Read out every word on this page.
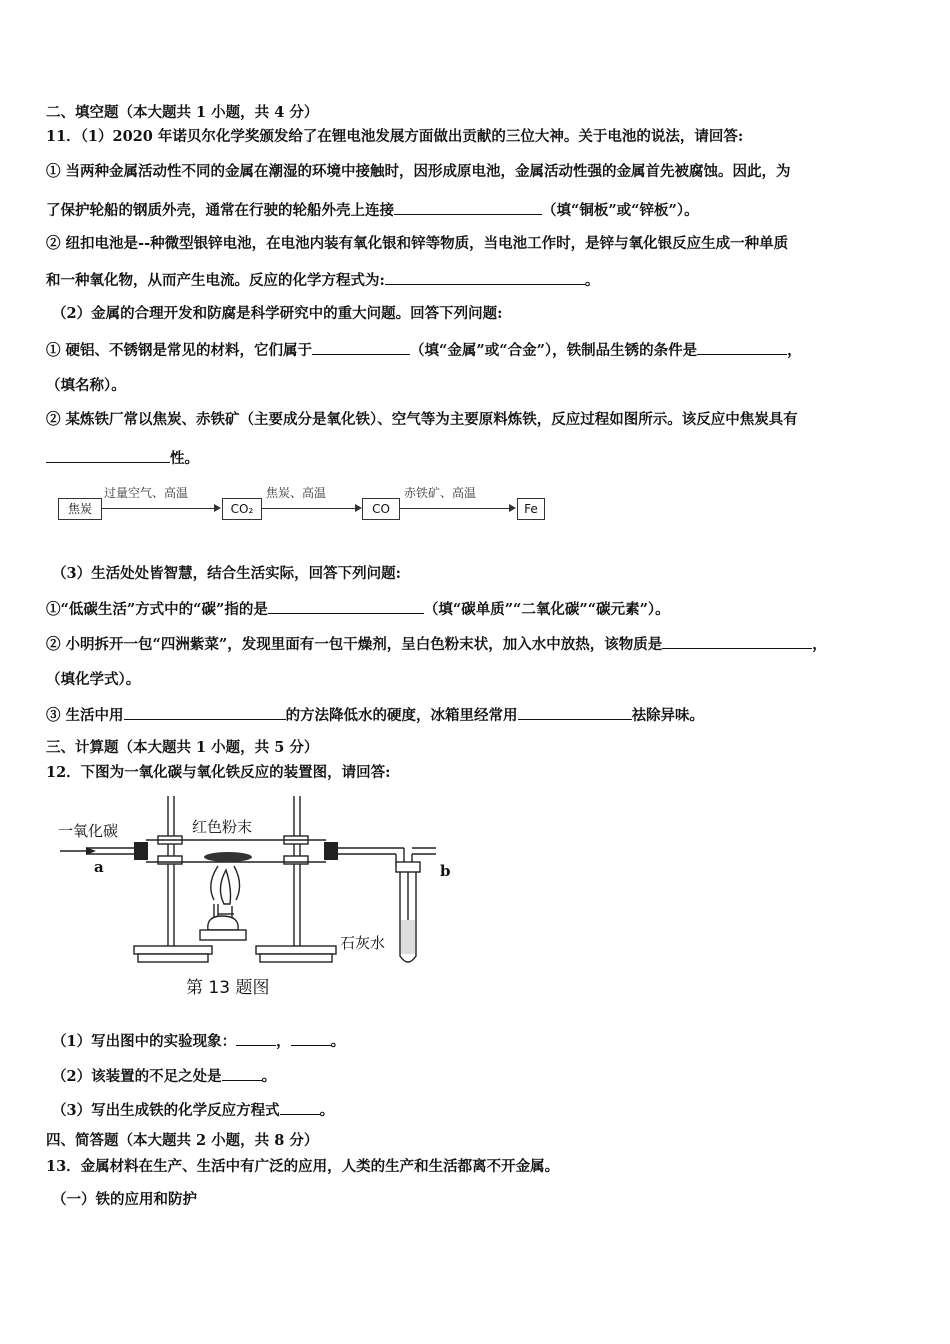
二、填空题（本大题共 1 小题，共 4 分）
11．（1）2020 年诺贝尔化学奖颁发给了在锂电池发展方面做出贡献的三位大神。关于电池的说法，请回答:
① 当两种金属活动性不同的金属在潮湿的环境中接触时，因形成原电池，金属活动性强的金属首先被腐蚀。因此，为
了保护轮船的钢质外壳，通常在行驶的轮船外壳上连接	（填“铜板”或“锌板”）。
② 纽扣电池是--种微型银锌电池，在电池内装有氧化银和锌等物质，当电池工作时，是锌与氧化银反应生成一种单质
和一种氧化物，从而产生电流。反应的化学方程式为:	。
（2）金属的合理开发和防腐是科学研究中的重大问题。回答下列问题:
① 硬铝、不锈钢是常见的材料，它们属于	（填“金属”或“合金”），铁制品生锈的条件是	，
（填名称）。
② 某炼铁厂常以焦炭、赤铁矿（主要成分是氧化铁）、空气等为主要原料炼铁，反应过程如图所示。该反应中焦炭具有
性。
焦炭
过量空气、高温
CO₂
焦炭、高温
CO
赤铁矿、高温
Fe
（3）生活处处皆智慧，结合生活实际，回答下列问题:
①“低碳生活”方式中的“碳”指的是	（填“碳单质”“二氧化碳”“碳元素”）。
② 小明拆开一包“四洲紫菜”，发现里面有一包干燥剂，呈白色粉末状，加入水中放热，该物质是	，
（填化学式）。
③ 生活中用	的方法降低水的硬度，冰箱里经常用	祛除异味。
三、计算题（本大题共 1 小题，共 5 分）
12．下图为一氧化碳与氧化铁反应的装置图，请回答:
一氧化碳	红色粉末
a	b
石灰水
第 13 题图
（1）写出图中的实验现象：	，	。
（2）该装置的不足之处是	。
（3）写出生成铁的化学反应方程式	。
四、简答题（本大题共 2 小题，共 8 分）
13．金属材料在生产、生活中有广泛的应用，人类的生产和生活都离不开金属。
（一）铁的应用和防护
